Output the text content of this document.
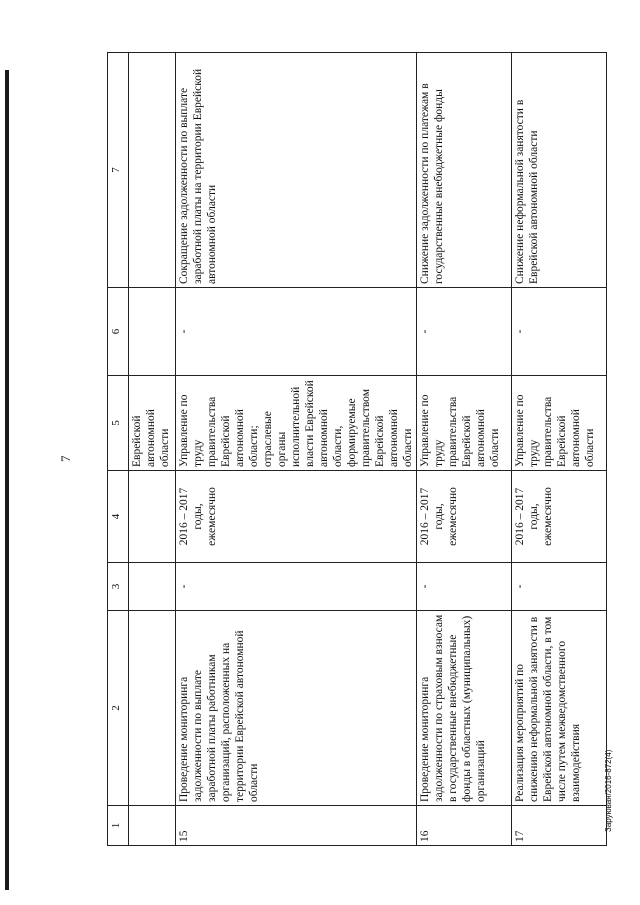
7
Заруювая/2016-872(4)
1	2	3	4	5	6	7
				Еврейской автономной области		
15	Проведение мониторинга задолженности по выплате заработной платы работникам организаций, расположенных на территории Еврейской автономной области	-	2016 – 2017 годы, ежемесячно	Управление по труду правительства Еврейской автономной области; отраслевые органы исполнительной власти Еврейской автономной области, формируемые правительством Еврейской автономной области	-	Сокращение задолженности по выплате заработной платы на территории Еврейской автономной области
16	Проведение мониторинга задолженности по страховым взносам в государственные внебюджетные фонды в областных (муниципальных) организаций	-	2016 – 2017 годы, ежемесячно	Управление по труду правительства Еврейской автономной области	-	Снижение задолженности по платежам в государственные внебюджетные фонды
17	Реализация мероприятий по снижению неформальной занятости в Еврейской автономной области, в том числе путем межведомственного взаимодействия	-	2016 – 2017 годы, ежемесячно	Управление по труду правительства Еврейской автономной области	-	Снижение неформальной занятости в Еврейской автономной области
